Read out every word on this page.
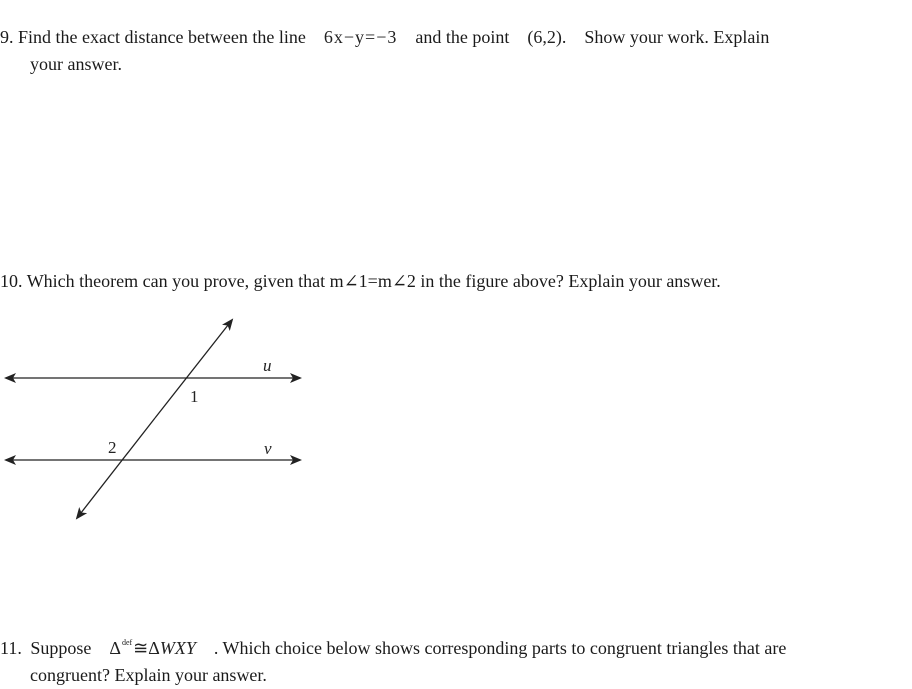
9. Find the exact distance between the line 6x−y=−3 and the point (6,2). Show your work. Explain
your answer.
10. Which theorem can you prove, given that m∠1=m∠2 in the figure above? Explain your answer.
1
2
u
v
11. Suppose $\Delta^{def}≅\Delta WXY$ . Which choice below shows corresponding parts to congruent triangles that are
congruent? Explain your answer.
